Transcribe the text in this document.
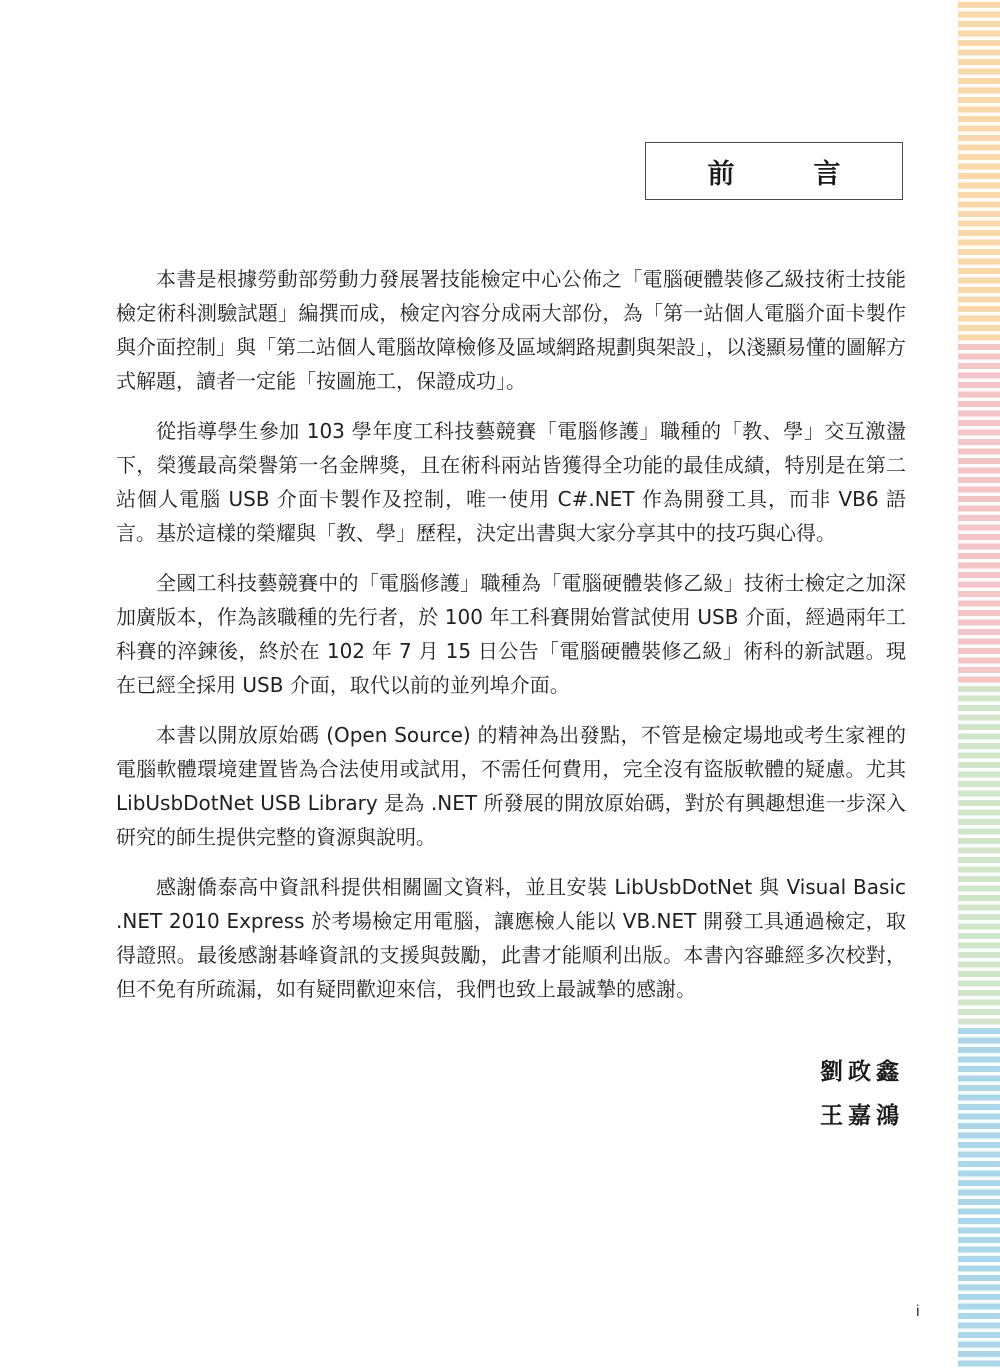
前　言

本書是根據勞動部勞動力發展署技能檢定中心公佈之「電腦硬體裝修乙級技術士技能檢定術科測驗試題」編撰而成，檢定內容分成兩大部份，為「第一站個人電腦介面卡製作與介面控制」與「第二站個人電腦故障檢修及區域網路規劃與架設」，以淺顯易懂的圖解方式解題，讀者一定能「按圖施工，保證成功」。

從指導學生參加 103 學年度工科技藝競賽「電腦修護」職種的「教、學」交互激盪下，榮獲最高榮譽第一名金牌獎，且在術科兩站皆獲得全功能的最佳成績，特別是在第二站個人電腦 USB 介面卡製作及控制，唯一使用 C#.NET 作為開發工具，而非 VB6 語言。基於這樣的榮耀與「教、學」歷程，決定出書與大家分享其中的技巧與心得。

全國工科技藝競賽中的「電腦修護」職種為「電腦硬體裝修乙級」技術士檢定之加深加廣版本，作為該職種的先行者，於 100 年工科賽開始嘗試使用 USB 介面，經過兩年工科賽的淬鍊後，終於在 102 年 7 月 15 日公告「電腦硬體裝修乙級」術科的新試題。現在已經全採用 USB 介面，取代以前的並列埠介面。

本書以開放原始碼 (Open Source) 的精神為出發點，不管是檢定場地或考生家裡的電腦軟體環境建置皆為合法使用或試用，不需任何費用，完全沒有盜版軟體的疑慮。尤其 LibUsbDotNet USB Library 是為 .NET 所發展的開放原始碼，對於有興趣想進一步深入研究的師生提供完整的資源與說明。

感謝僑泰高中資訊科提供相關圖文資料，並且安裝 LibUsbDotNet 與 Visual Basic .NET 2010 Express 於考場檢定用電腦，讓應檢人能以 VB.NET 開發工具通過檢定，取得證照。最後感謝碁峰資訊的支援與鼓勵，此書才能順利出版。本書內容雖經多次校對，但不免有所疏漏，如有疑問歡迎來信，我們也致上最誠摯的感謝。

劉政鑫
王嘉鴻
i
